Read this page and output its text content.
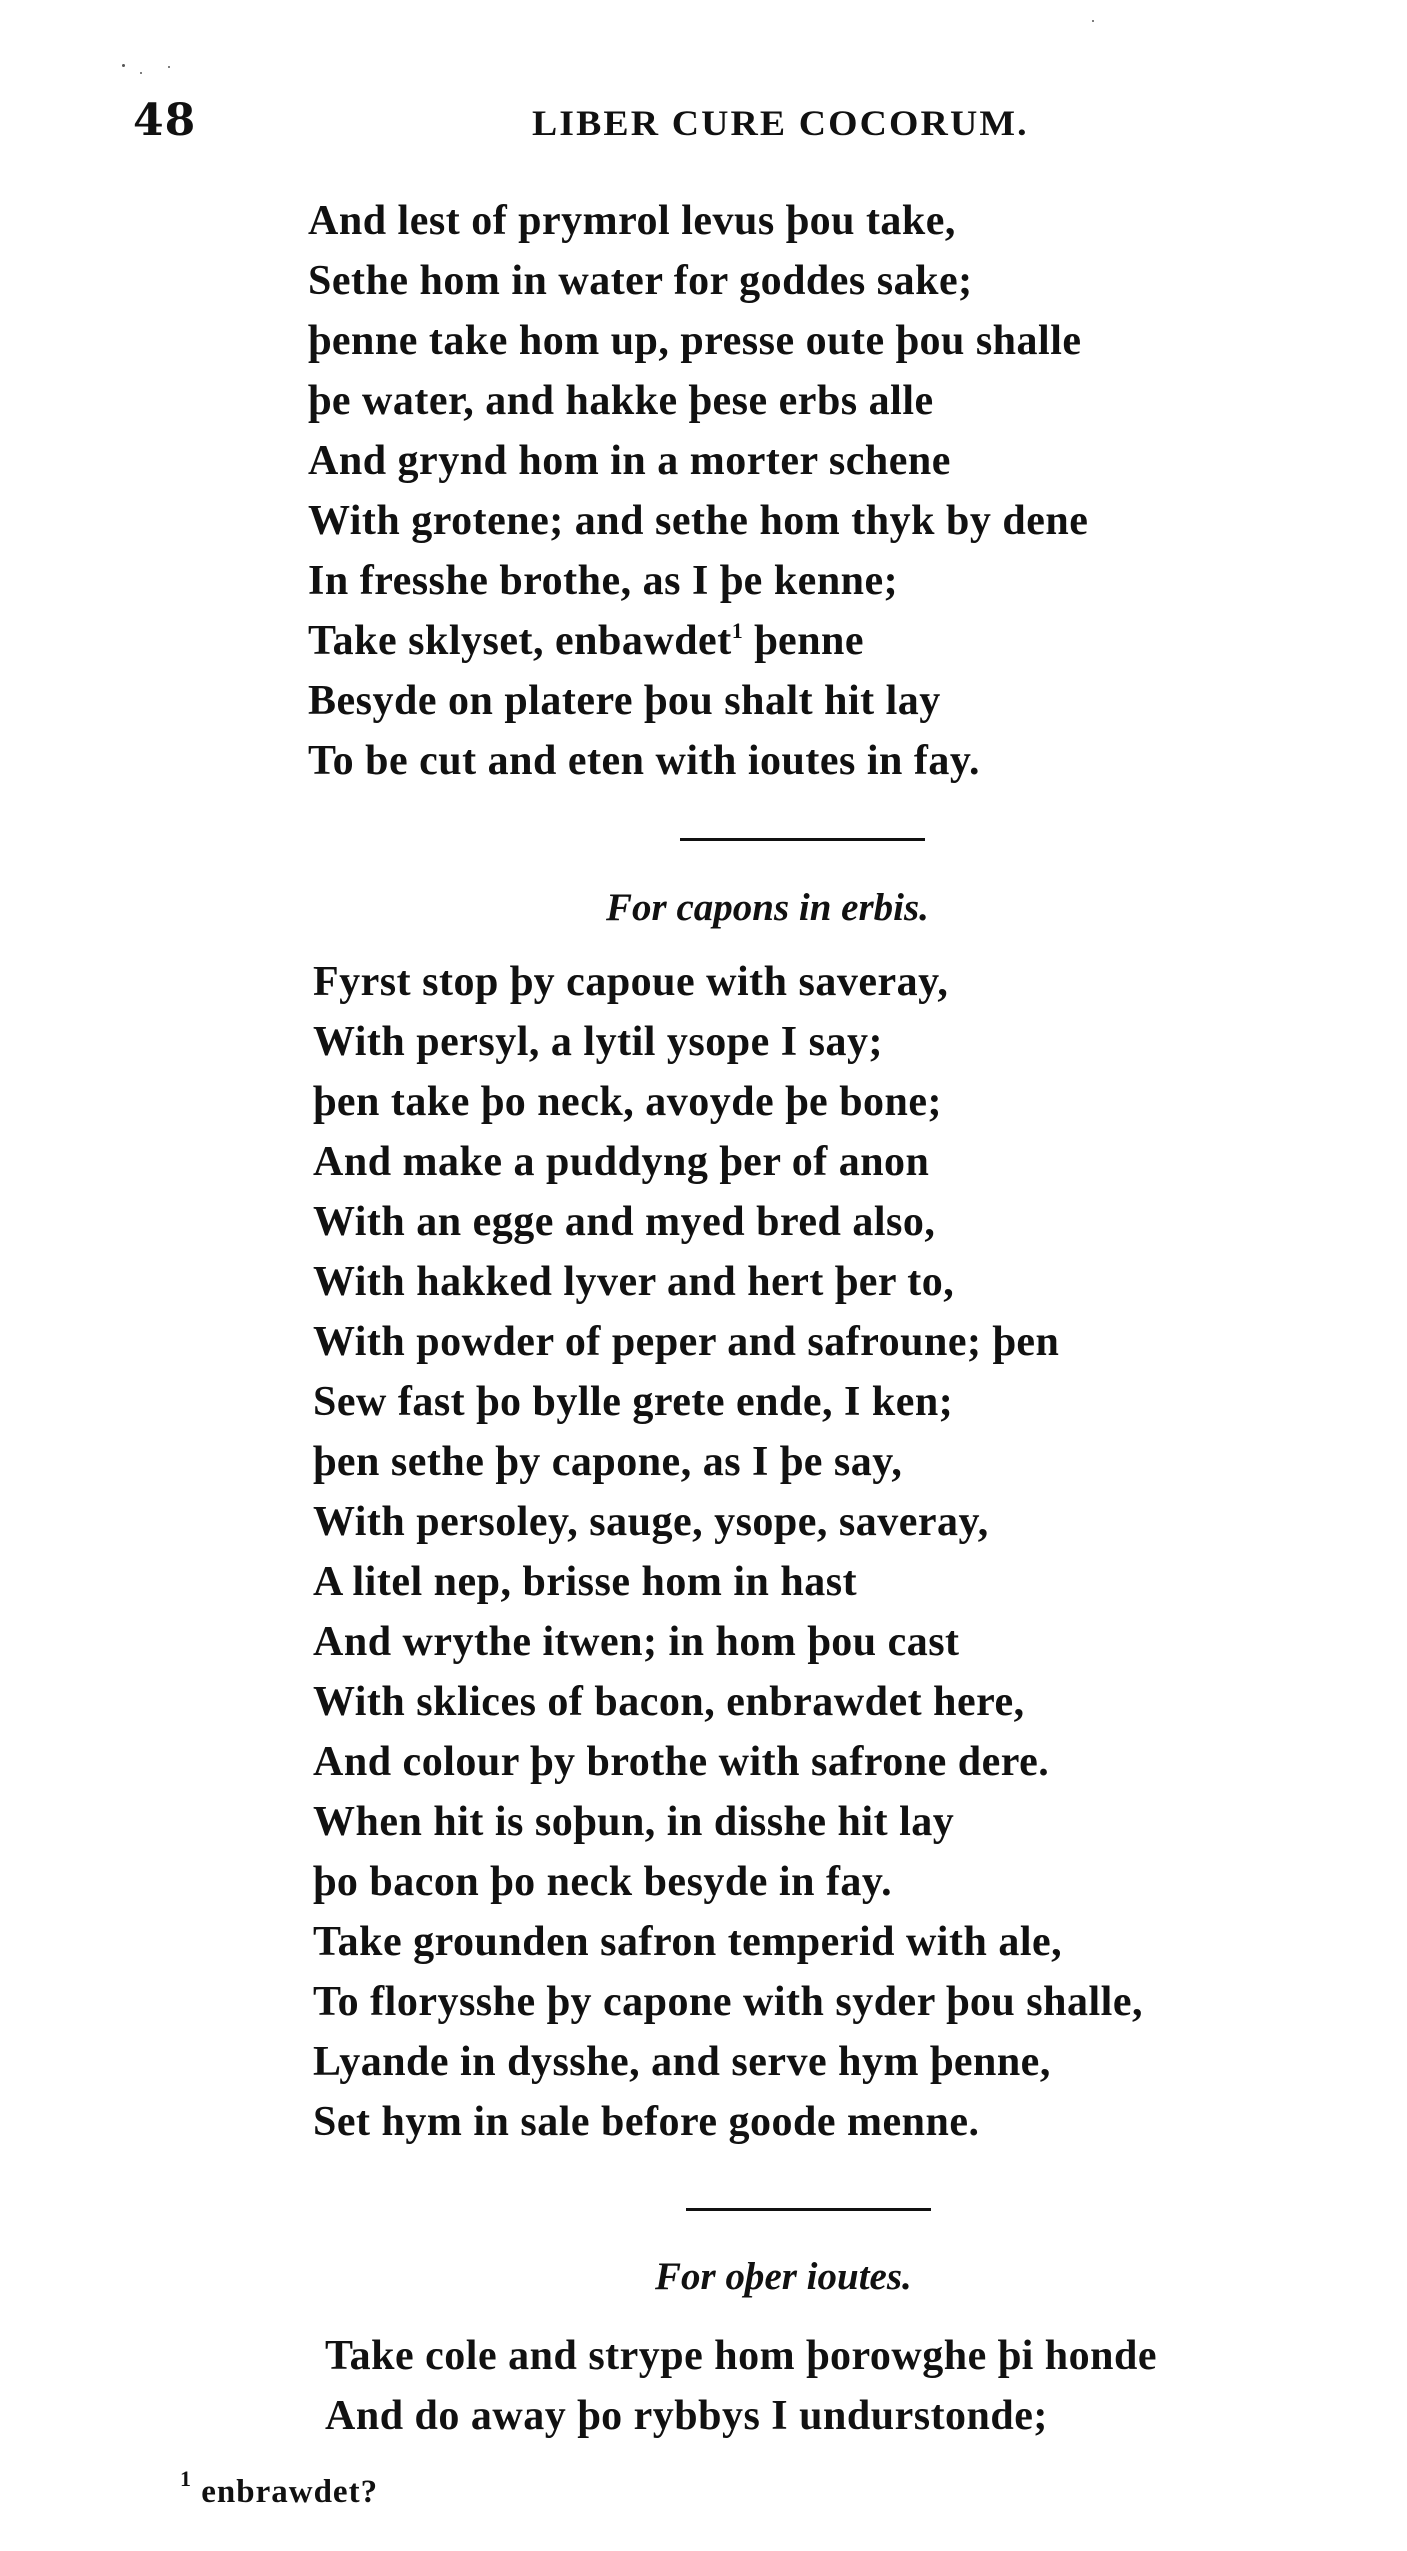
48	LIBER CURE COCORUM.
And lest of prymrol levus þou take,
Sethe hom in water for goddes sake;
þenne take hom up, presse oute þou shalle
þe water, and hakke þese erbs alle
And grynd hom in a morter schene
With grotene; and sethe hom thyk by dene
In fresshe brothe, as I þe kenne;
Take sklyset, enbawdet$^1$ þenne
Besyde on platere þou shalt hit lay
To be cut and eten with ioutes in fay.
For capons in erbis.
Fyrst stop þy capoue with saveray,
With persyl, a lytil ysope I say;
þen take þo neck, avoyde þe bone;
And make a puddyng þer of anon
With an egge and myed bred also,
With hakked lyver and hert þer to,
With powder of peper and safroune; þen
Sew fast þo bylle grete ende, I ken;
þen sethe þy capone, as I þe say,
With persoley, sauge, ysope, saveray,
A litel nep, brisse hom in hast
And wrythe itwen; in hom þou cast
With sklices of bacon, enbrawdet here,
And colour þy brothe with safrone dere.
When hit is soþun, in disshe hit lay
þo bacon þo neck besyde in fay.
Take grounden safron temperid with ale,
To florysshe þy capone with syder þou shalle,
Lyande in dysshe, and serve hym þenne,
Set hym in sale before goode menne.
For oþer ioutes.
Take cole and strype hom þorowghe þi honde
And do away þo rybbys I undurstonde;
$^1$ enbrawdet?
